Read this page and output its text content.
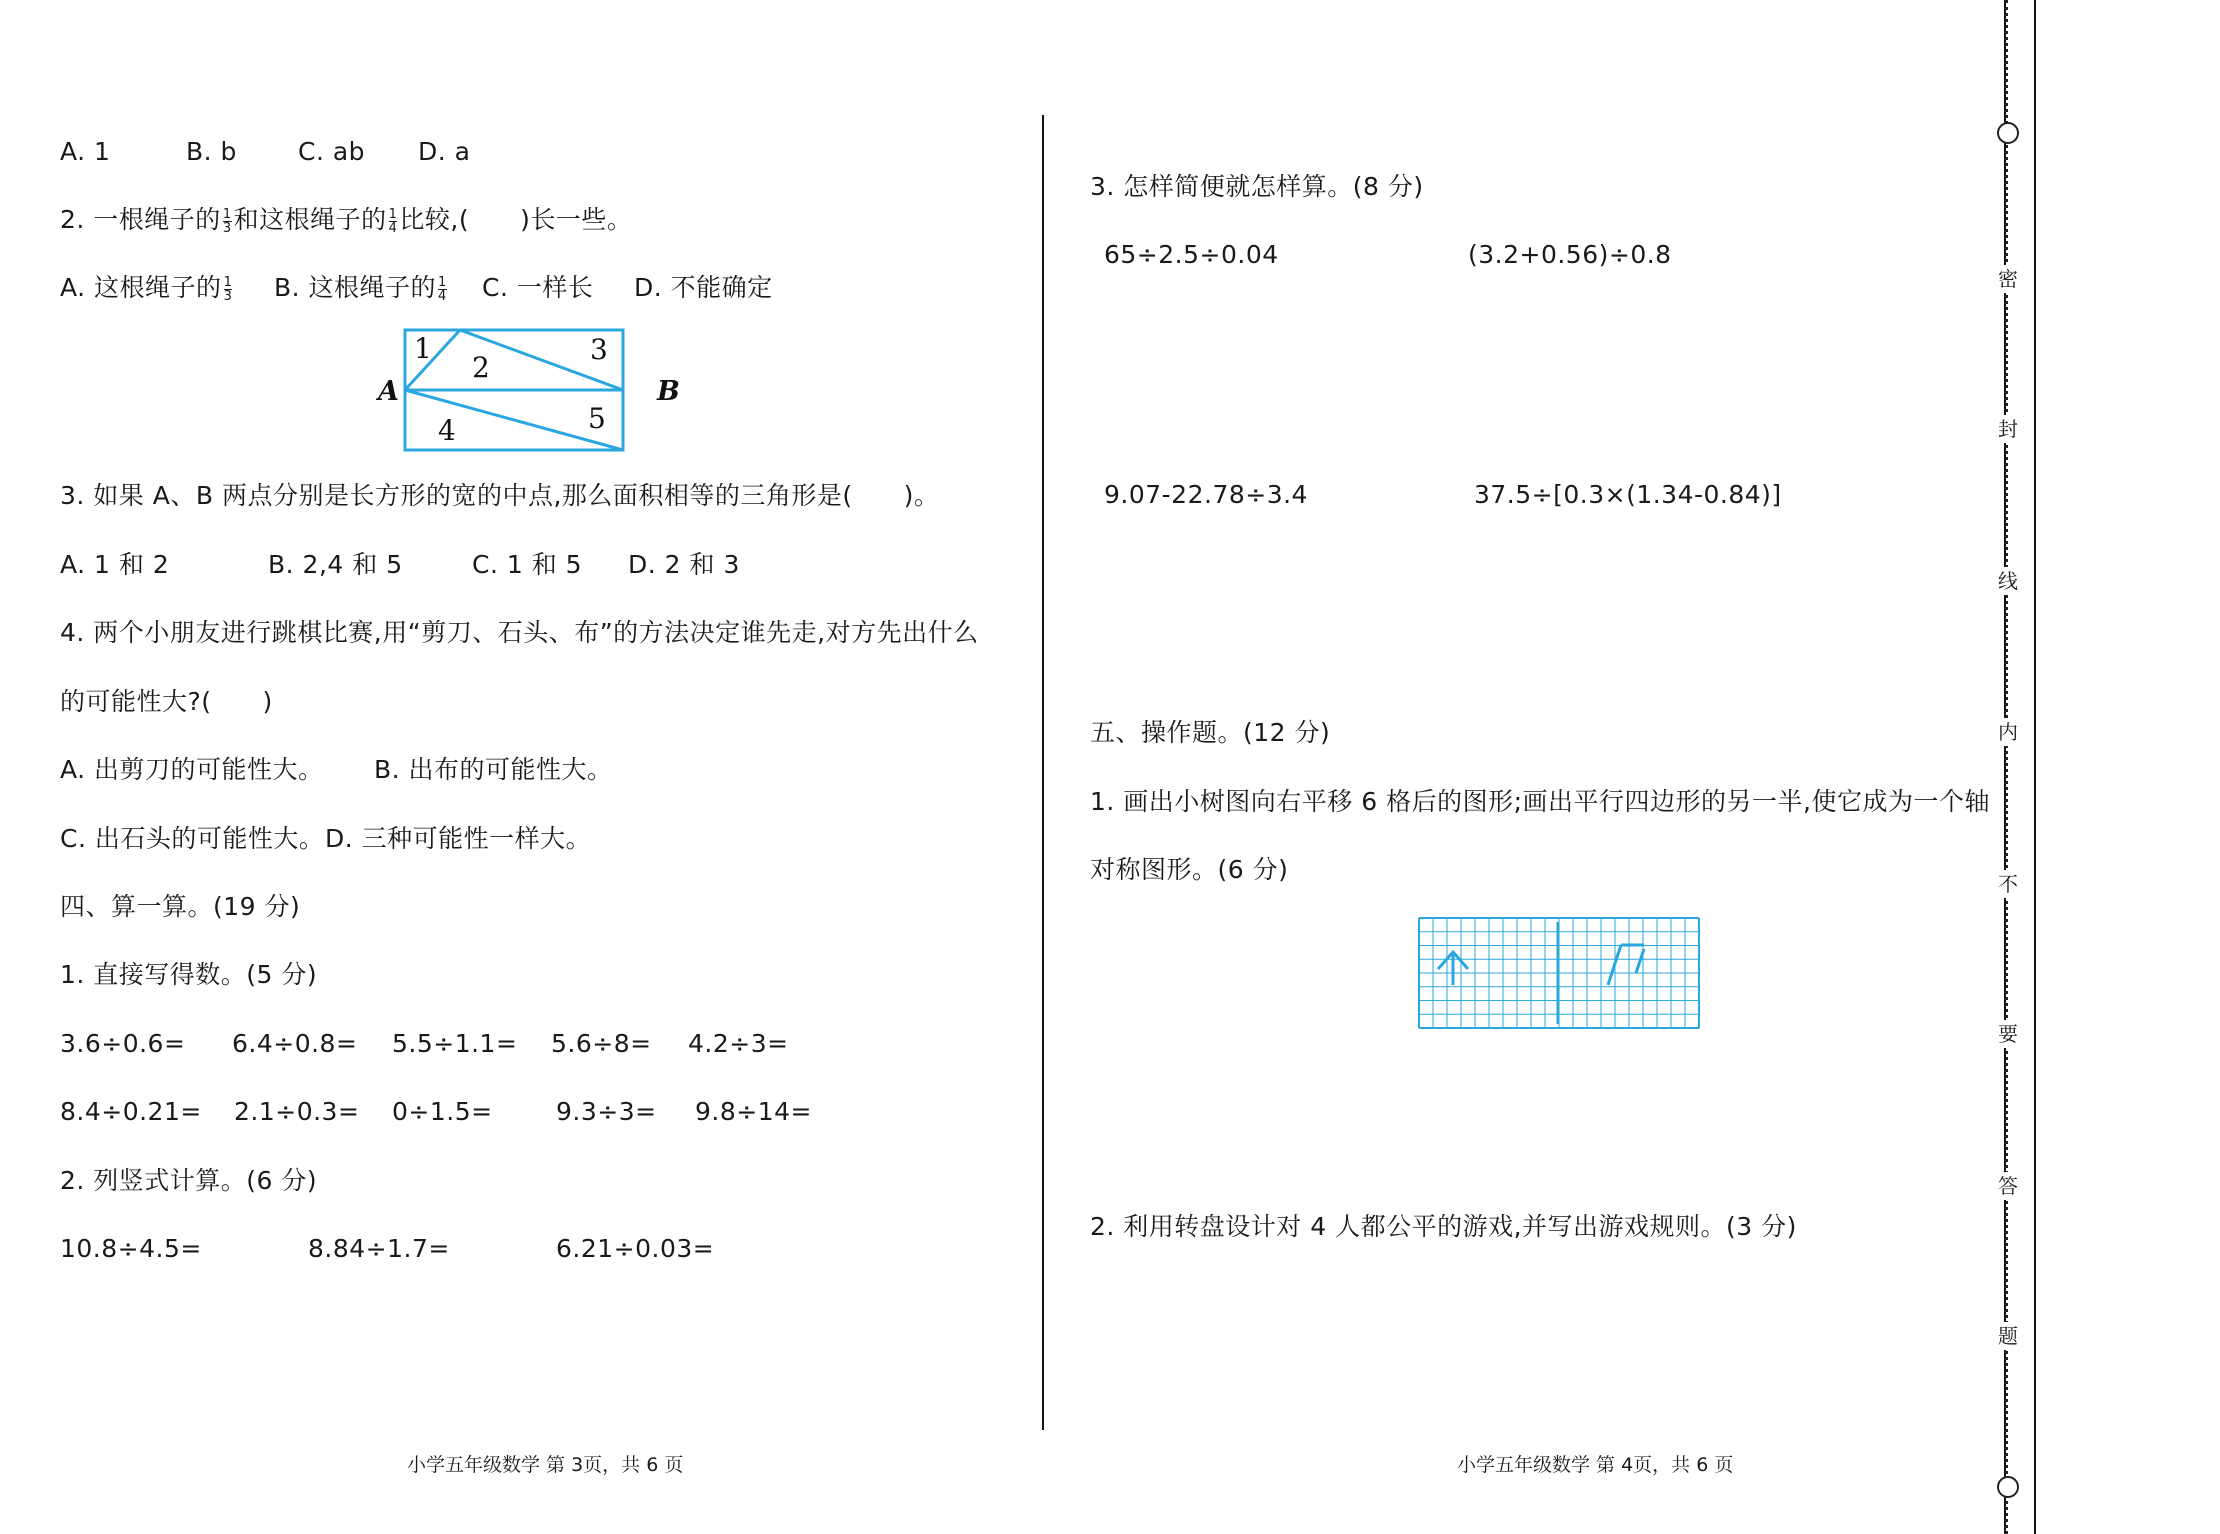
A. 1	B. b C. ab D. a
2. 一根绳子的 $\frac{1}{3}$ 和这根绳子的 $\frac{1}{4}$ 比较,(　　)长一些。
A. 这根绳子的 $\frac{1}{3} B$. 这根绳子的 $\frac{1}{4} C$. 一样长 D. 不能确定
A	B
1
2
3
4	5
3. 如果 A、B 两点分别是长方形的宽的中点,那么面积相等的三角形是(　　)。
A. 1 和 2	B. 2,4 和 5	C. 1 和 5 D. 2 和 3
4. 两个小朋友进行跳棋比赛,用“剪刀、石头、布”的方法决定谁先走,对方先出什么
的可能性大?(　　)
A. 出剪刀的可能性大。 B. 出布的可能性大。
C. 出石头的可能性大。 D. 三种可能性一样大。
四、算一算。(19 分)
1. 直接写得数。(5 分)
3.6÷0.6= 6.4÷0.8= 5.5÷1.1= 5.6÷8= 4.2÷3=
8.4÷0.21= 2.1÷0.3= 0÷1.5=	9.3÷3= 9.8÷14=
2. 列竖式计算。(6 分)
10.8÷4.5=	8.84÷1.7=	6.21÷0.03=
小学五年级数学 第 3页，共 6 页
3. 怎样简便就怎样算。(8 分)
65÷2.5÷0.04	(3.2+0.56)÷0.8
9.07-22.78÷3.4	37.5÷[0.3×(1.34-0.84)]
五、操作题。(12 分)
1. 画出小树图向右平移 6 格后的图形;画出平行四边形的另一半,使它成为一个轴
对称图形。(6 分)
2. 利用转盘设计对 4 人都公平的游戏,并写出游戏规则。(3 分)
小学五年级数学 第 4页，共 6 页
密
封
线
内
不
要
答
题
